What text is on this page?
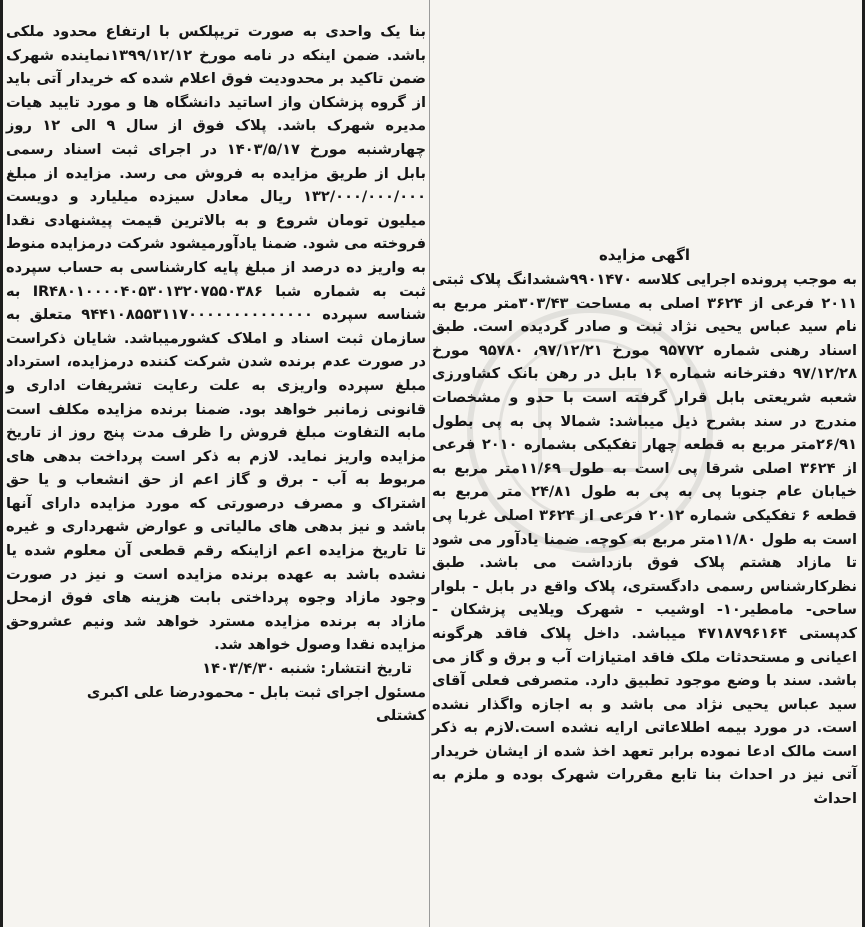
اگهی مزایده

به موجب پرونده اجرایی کلاسه ۹۹۰۱۴۷۰ششدانگ پلاک ثبتی ۲۰۱۱ فرعی از ۳۶۲۴ اصلی به مساحت ۳۰۳/۴۳متر مربع به نام سید عباس یحیی نژاد ثبت و صادر گردیده است. طبق اسناد رهنی شماره ۹۵۷۷۲ مورخ ۹۷/۱۲/۲۱، ۹۵۷۸۰ مورخ ۹۷/۱۲/۲۸ دفترخانه شماره ۱۶ بابل در رهن بانک کشاورزی شعبه شریعتی بابل قرار گرفته است با حدو و مشخصات مندرج در سند بشرح ذیل میباشد: شمالا پی به پی بطول ۲۶/۹۱متر مربع به قطعه چهار تفکیکی بشماره ۲۰۱۰ فرعی از ۳۶۲۴ اصلی شرقا پی است به طول ۱۱/۶۹متر مربع به خیابان عام جنوبا پی به پی به طول ۲۴/۸۱ متر مربع به قطعه ۶ تفکیکی شماره ۲۰۱۲ فرعی از ۳۶۲۴ اصلی غربا پی است به طول ۱۱/۸۰متر مربع به کوچه. ضمنا یادآور می شود تا مازاد هشتم پلاک فوق بازداشت می باشد. طبق نظرکارشناس رسمی دادگستری، پلاک واقع در بابل - بلوار ساحی- مامطیر۱۰- اوشیب - شهرک ویلایی پزشکان - کدپستی ۴۷۱۸۷۹۶۱۶۴ میباشد. داخل پلاک فاقد هرگونه اعیانی و مستحدثات ملک فاقد امتیازات آب و برق و گاز می باشد. سند با وضع موجود تطبیق دارد. متصرفی فعلی آقای سید عباس یحیی نژاد می باشد و به اجازه واگذار نشده است. در مورد بیمه اطلاعاتی ارایه نشده است.لازم به ذکر است مالک ادعا نموده برابر تعهد اخذ شده از ایشان خریدار آتی نیز در احداث بنا تابع مقررات شهرک بوده و ملزم به احداث

بنا یک واحدی به صورت تریپلکس با ارتفاع محدود ملکی باشد. ضمن اینکه در نامه مورخ ۱۳۹۹/۱۲/۱۲نماینده شهرک ضمن تاکید بر محدودیت فوق اعلام شده که خریدار آتی باید از گروه پزشکان واز اساتید دانشگاه ها و مورد تایید هیات مدیره شهرک باشد. پلاک فوق از سال ۹ الی ۱۲ روز چهارشنبه مورخ ۱۴۰۳/۵/۱۷ در اجرای ثبت اسناد رسمی بابل از طریق مزایده به فروش می رسد. مزایده از مبلغ ۱۳۲/۰۰۰/۰۰۰/۰۰۰ ریال معادل سیزده میلیارد و دویست میلیون تومان شروع و به بالاترین قیمت پیشنهادی نقدا فروخته می شود. ضمنا یادآورمیشود شرکت درمزایده منوط به واریز ده درصد از مبلغ پایه کارشناسی به حساب سپرده ثبت به شماره شبا IR۴۸۰۱۰۰۰۰۴۰۵۳۰۱۳۲۰۷۵۵۰۳۸۶ به شناسه سپرده ۹۴۴۱۰۸۵۵۳۱۱۷۰۰۰۰۰۰۰۰۰۰۰۰۰۰ متعلق به سازمان ثبت اسناد و املاک کشورمیباشد. شایان ذکراست در صورت عدم برنده شدن شرکت کننده درمزایده، استرداد مبلغ سپرده واریزی به علت رعایت تشریفات اداری و قانونی زمانبر خواهد بود. ضمنا برنده مزایده مکلف است مابه التفاوت مبلغ فروش را ظرف مدت پنج روز از تاریخ مزایده واریز نماید. لازم به ذکر است پرداخت بدهی های مربوط به آب - برق و گاز اعم از حق انشعاب و یا حق اشتراک و مصرف درصورتی که مورد مزایده دارای آنها باشد و نیز بدهی های مالیاتی و عوارض شهرداری و غیره تا تاریخ مزایده اعم ازاینکه رقم قطعی آن معلوم شده یا نشده باشد به عهده برنده مزایده است و نیز در صورت وجود مازاد وجوه پرداختی بابت هزینه های فوق ازمحل مازاد به برنده مزایده مسترد خواهد شد ونیم عشروحق مزایده نقدا وصول خواهد شد.

تاریخ انتشار: شنبه ۱۴۰۳/۴/۳۰

مسئول اجرای ثبت بابل - محمودرضا علی اکبری

کشتلی
